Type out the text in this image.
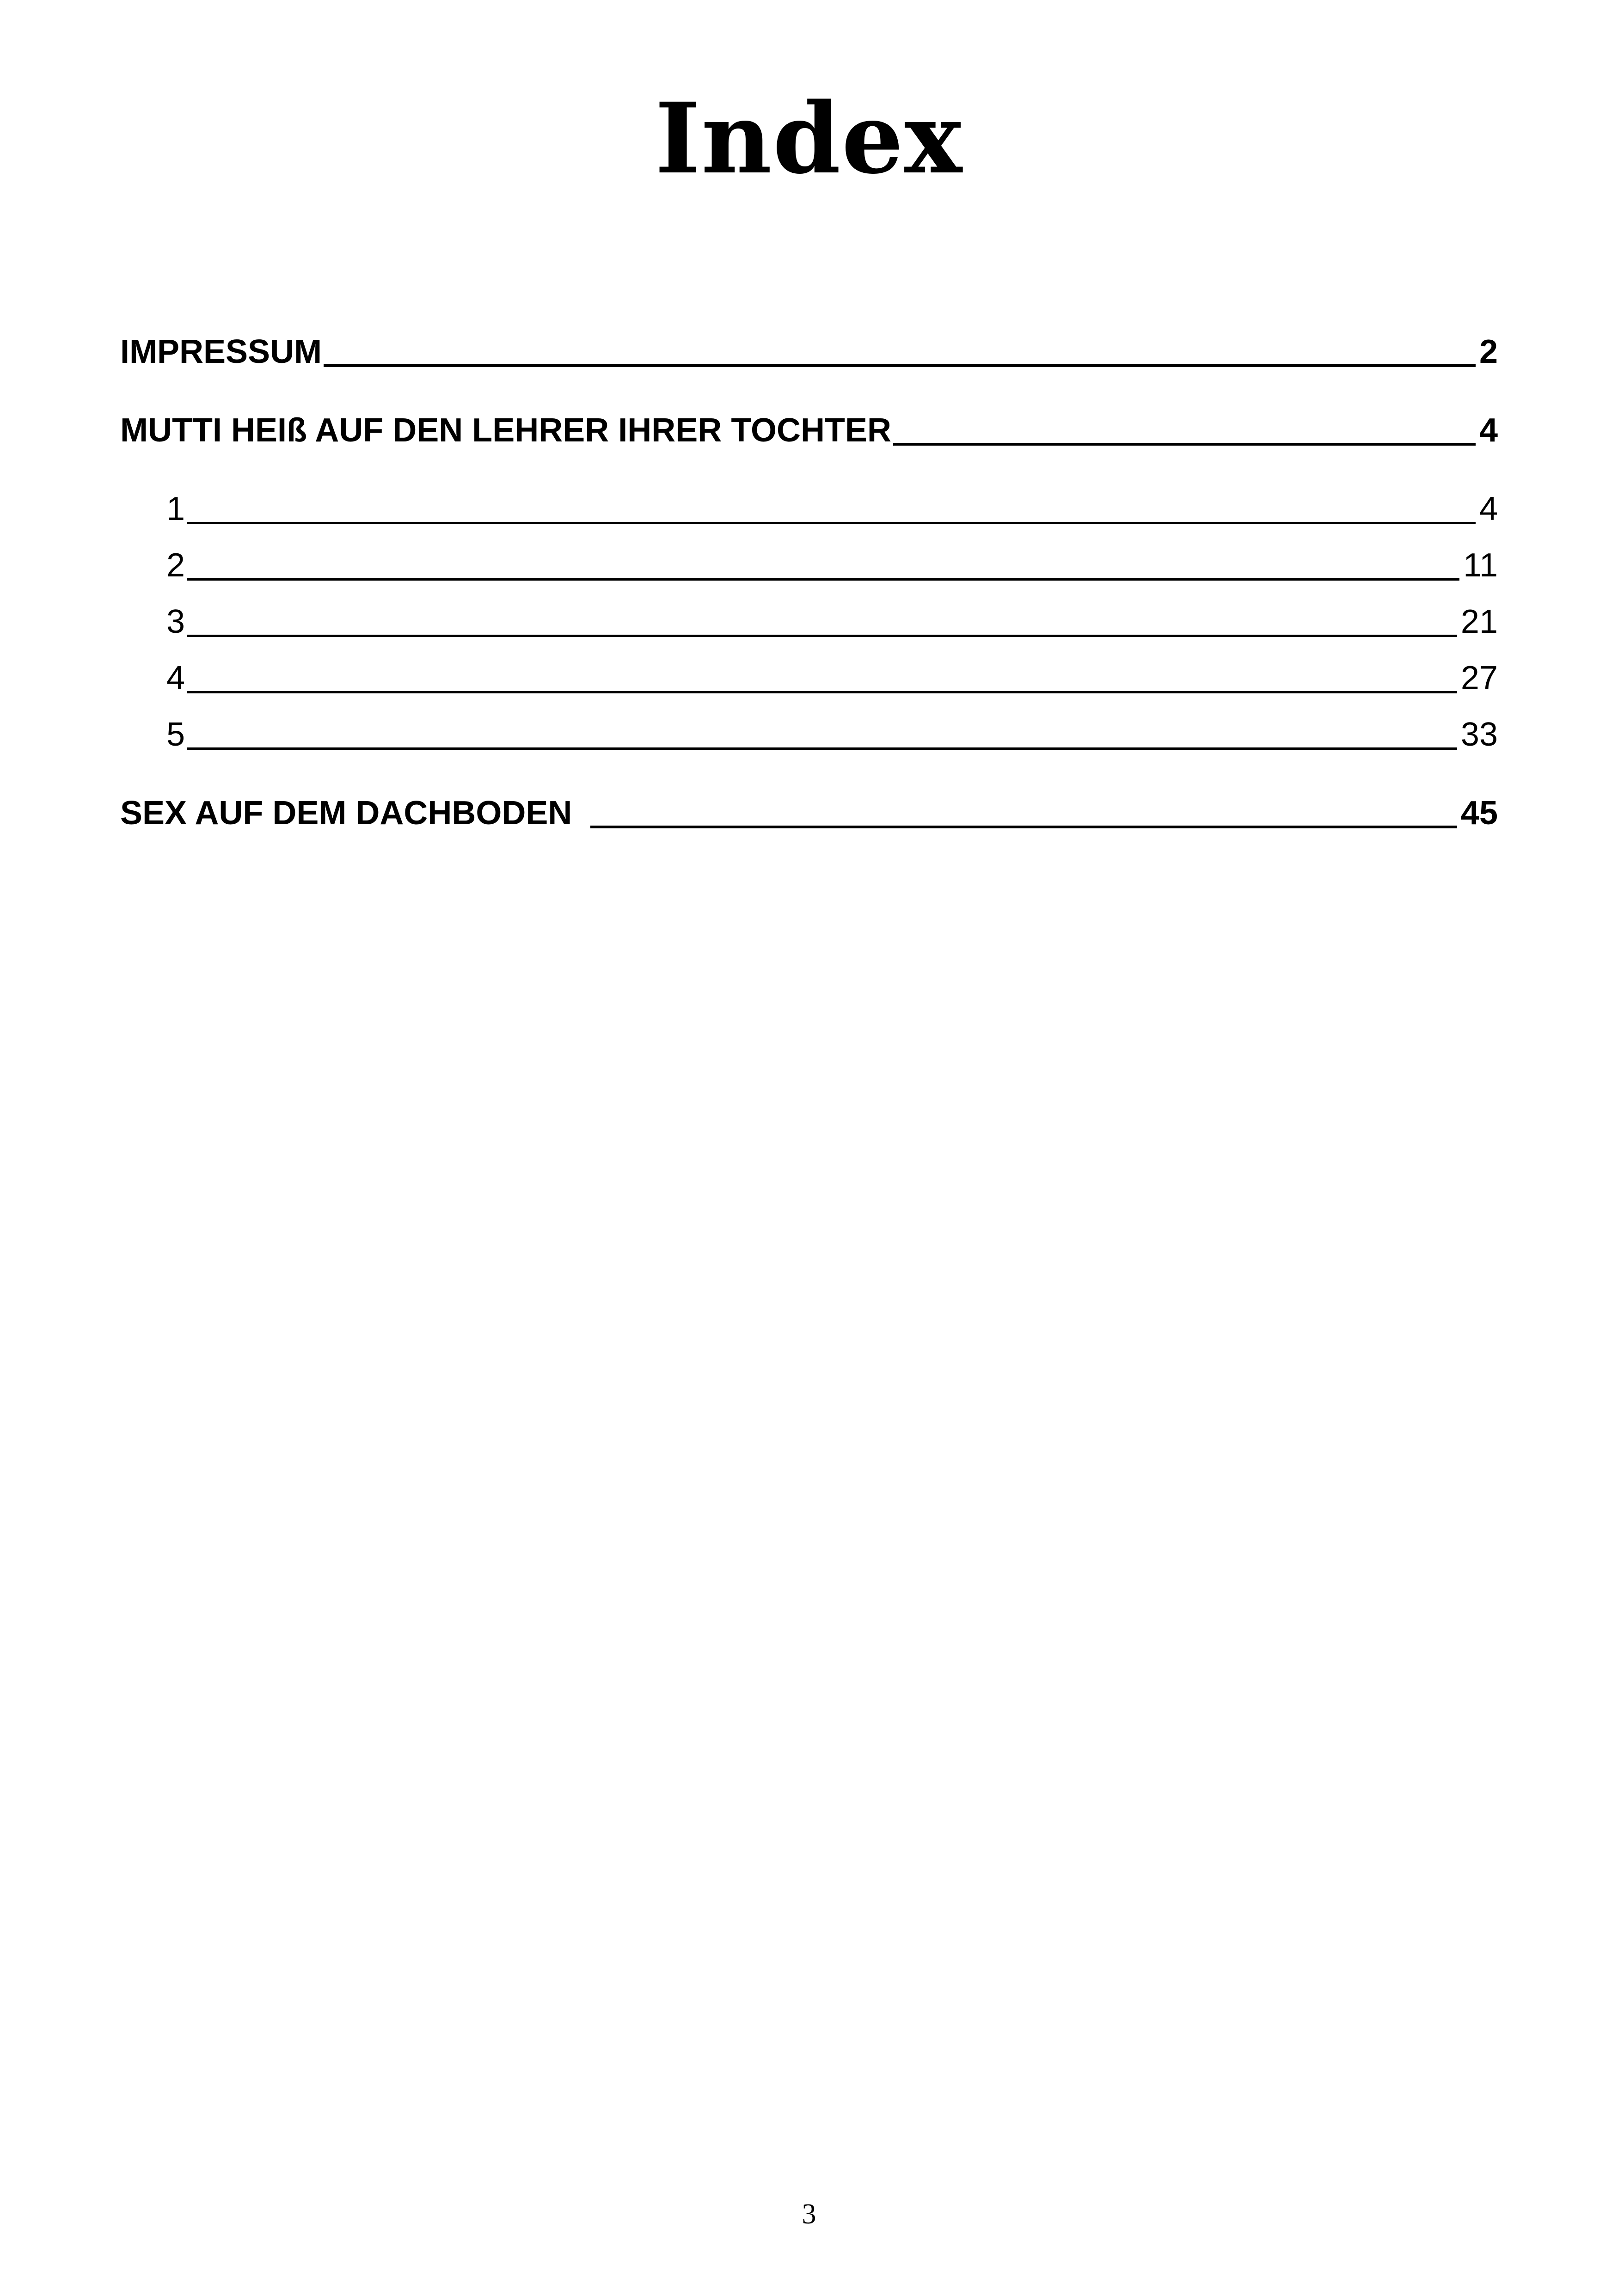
Index
IMPRESSUM	2
MUTTI HEIß AUF DEN LEHRER IHRER TOCHTER	4
1	4
2	11
3	21
4	27
5	33
SEX AUF DEM DACHBODEN	45
3
